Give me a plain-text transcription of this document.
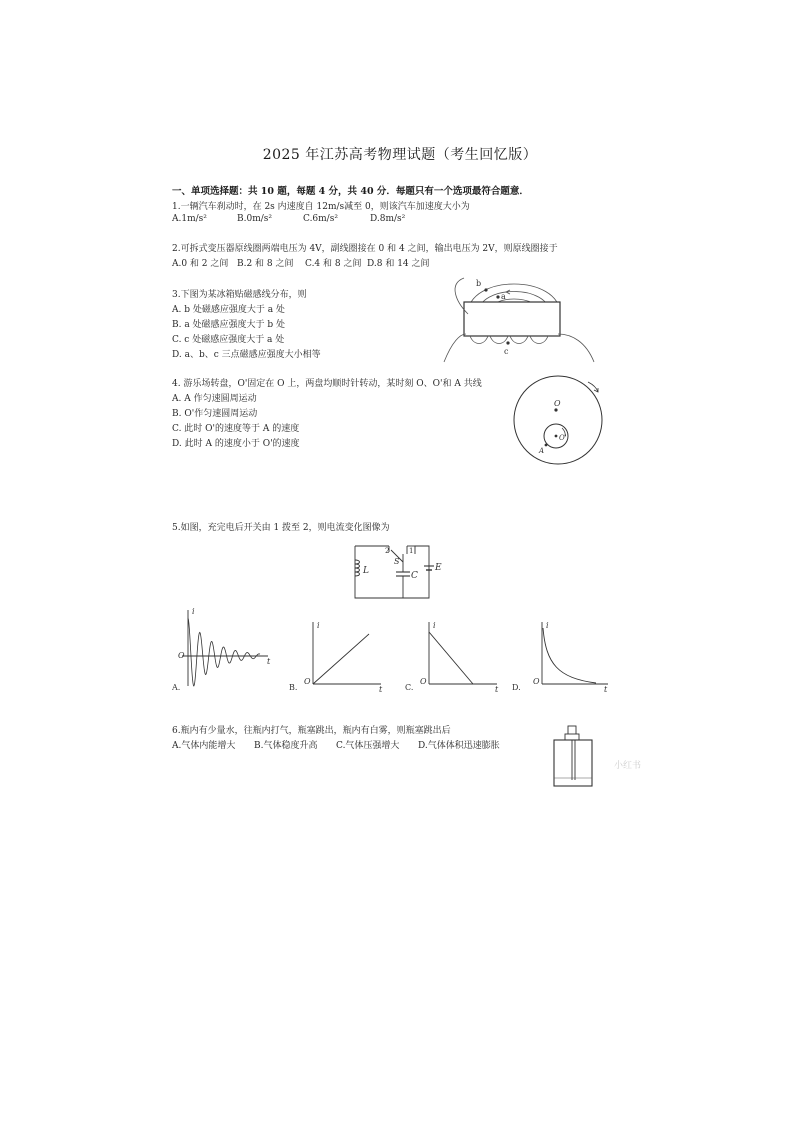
2025 年江苏高考物理试题（考生回忆版）
一、单项选择题：共 10 题，每题 4 分，共 40 分．每题只有一个选项最符合题意．
1.一辆汽车刹动时，在 2s 内速度自 12m/s减至 0，则该汽车加速度大小为
A.1m/s²	B.0m/s²	C.6m/s²	D.8m/s²
2.可拆式变压器原线圈两端电压为 4V，副线圈接在 0 和 4 之间，输出电压为 2V，则原线圈接于
A.0 和 2 之间 B.2 和 8 之间 C.4 和 8 之间 D.8 和 14 之间
3.下图为某冰箱贴磁感线分布，则
A. b 处磁感应强度大于 a 处
B. a 处磁感应强度大于 b 处
C. c 处磁感应强度大于 a 处
D. a、b、c 三点磁感应强度大小相等
b
a
c
4. 游乐场转盘，O'固定在 O 上，两盘均顺时针转动，某时刻 O、O'和 A 共线
A. A 作匀速圆周运动
B. O'作匀速圆周运动
C. 此时 O'的速度等于 A 的速度
D. 此时 A 的速度小于 O'的速度
O
O'
A
5.如图，充完电后开关由 1 拨至 2，则电流变化图像为
2	1
S
L	C
E
i
t
O
A.
i
t
O
B.
i
t
O
C.
i
t
O
D.
6.瓶内有少量水，往瓶内打气，瓶塞跳出，瓶内有白雾，则瓶塞跳出后
A.气体内能增大 B.气体稳度升高 C.气体压强增大 D.气体体积迅速膨胀
小红书
